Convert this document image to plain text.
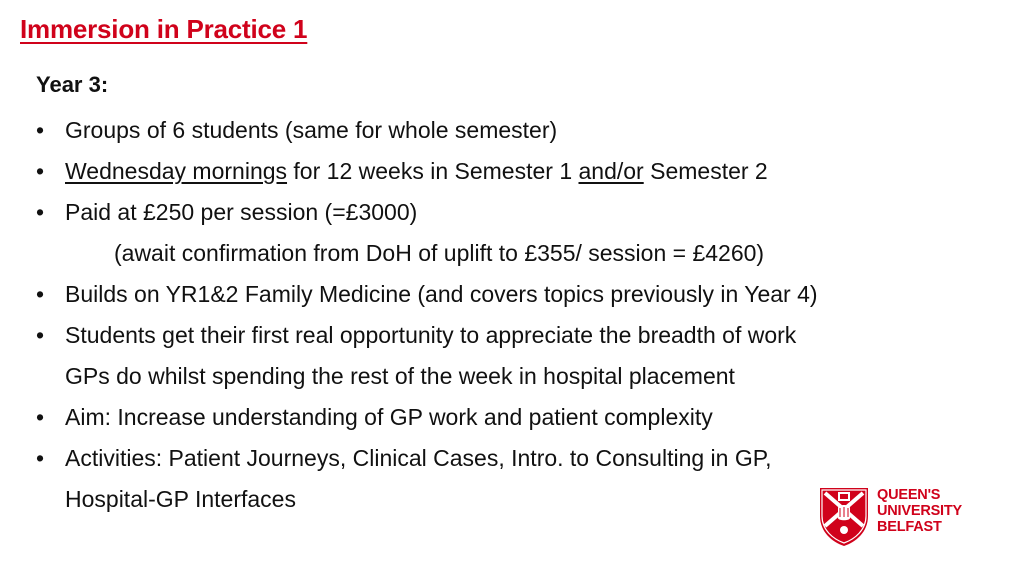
Immersion in Practice 1
Year 3:
• Groups of 6 students (same for whole semester)
• Wednesday mornings for 12 weeks in Semester 1 and/or Semester 2
• Paid at £250 per session (=£3000)
(await confirmation from DoH of uplift to £355/ session = £4260)
• Builds on YR1&2 Family Medicine (and covers topics previously in Year 4)
• Students get their first real opportunity to appreciate the breadth of work
GPs do whilst spending the rest of the week in hospital placement
• Aim: Increase understanding of GP work and patient complexity
• Activities: Patient Journeys, Clinical Cases, Intro. to Consulting in GP,
Hospital-GP Interfaces	QUEEN'S
UNIVERSITY
BELFAST
